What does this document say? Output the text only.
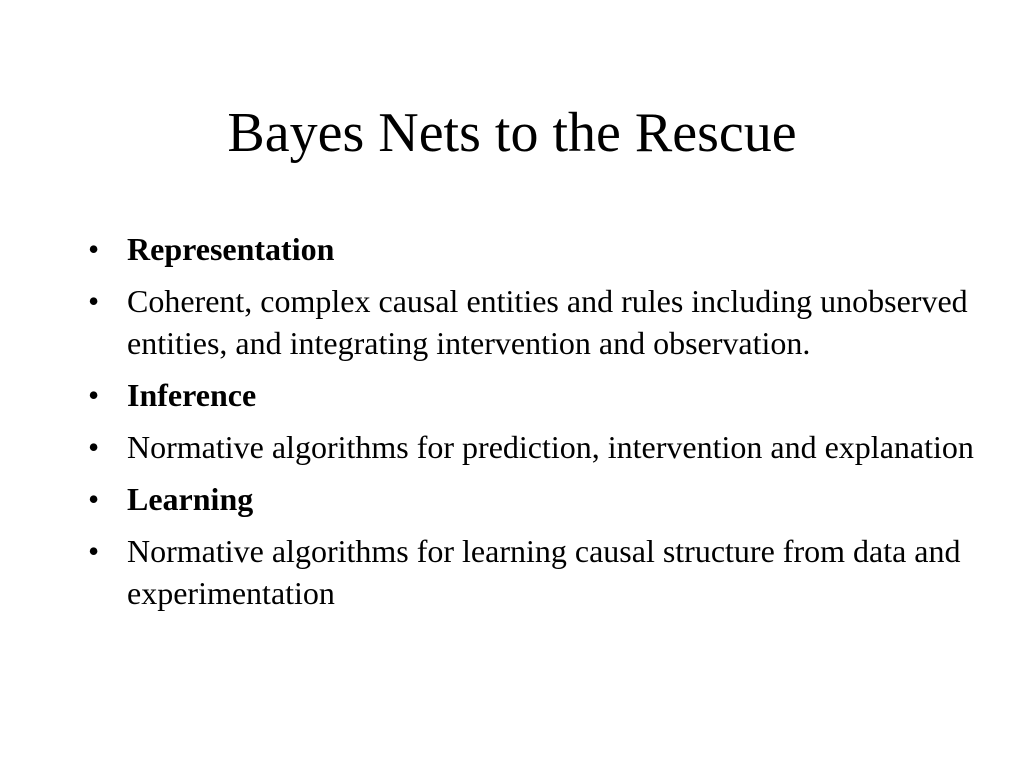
Bayes Nets to the Rescue
• Representation
• Coherent, complex causal entities and rules including unobserved entities, and integrating intervention and observation.
• Inference
• Normative algorithms for prediction, intervention and explanation
• Learning
• Normative algorithms for learning causal structure from data and experimentation
